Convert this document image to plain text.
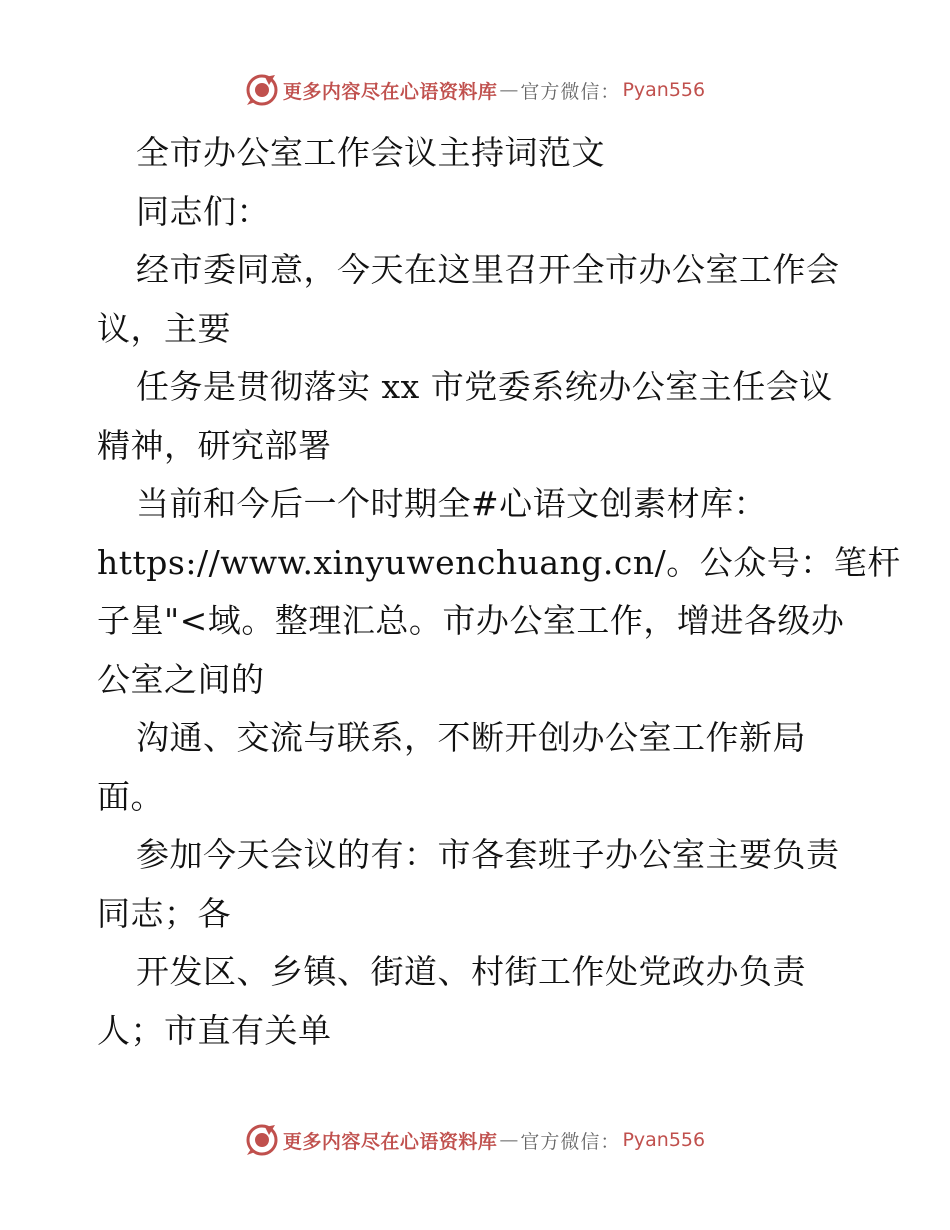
更多内容尽在心语资料库 — 官方微信： Pyan556
全市办公室工作会议主持词范文
同志们：
经市委同意，今天在这里召开全市办公室工作会
议，主要
任务是贯彻落实 xx 市党委系统办公室主任会议
精神，研究部署
当前和今后一个时期全#心语文创素材库：
https://www.xinyuwenchuang.cn/。公众号：笔杆
子星"<域。整理汇总。市办公室工作，增进各级办
公室之间的
沟通、交流与联系，不断开创办公室工作新局
面。
参加今天会议的有：市各套班子办公室主要负责
同志；各
开发区、乡镇、街道、村街工作处党政办负责
人；市直有关单
更多内容尽在心语资料库 — 官方微信： Pyan556
